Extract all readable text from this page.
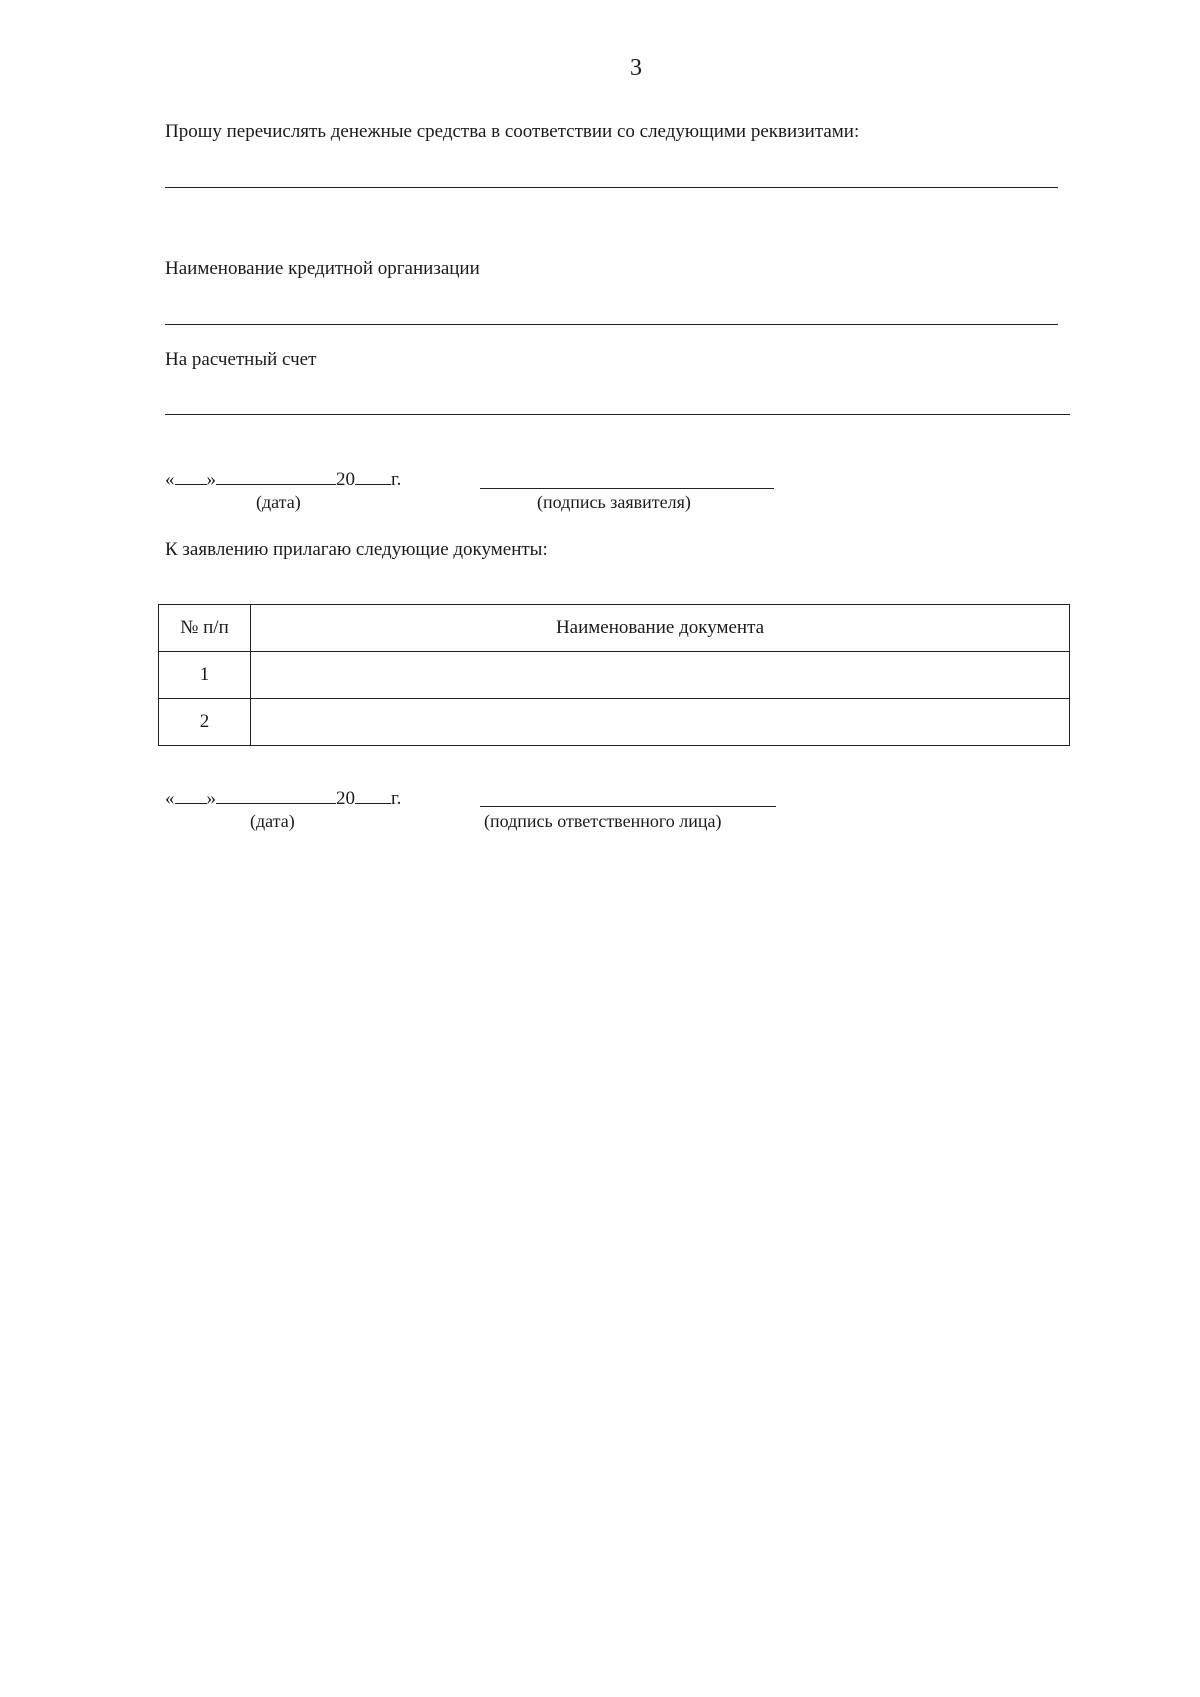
3
Прошу перечислять денежные средства в соответствии со следующими реквизитами:
Наименование кредитной организации
На расчетный счет
« »	20 г.
(дата)	(подпись заявителя)
К заявлению прилагаю следующие документы:
№ п/п	Наименование документа
1	
2	
« »	20 г.
(дата)	(подпись ответственного лица)
